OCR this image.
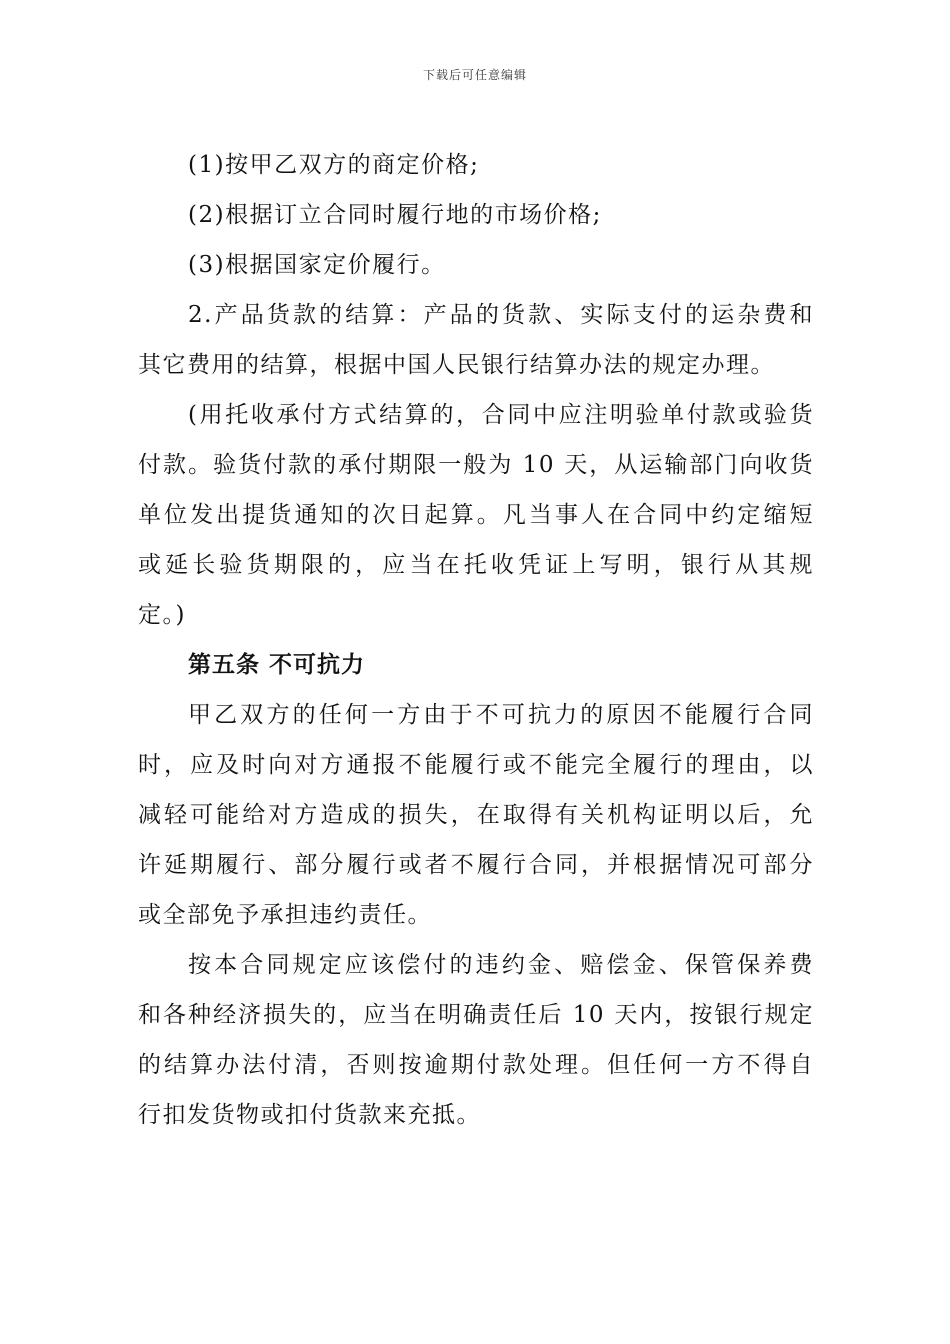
下载后可任意编辑
(1)按甲乙双方的商定价格;
(2)根据订立合同时履行地的市场价格;
(3)根据国家定价履行。
2.产品货款的结算：产品的货款、实际支付的运杂费和
其它费用的结算，根据中国人民银行结算办法的规定办理。
(用托收承付方式结算的，合同中应注明验单付款或验货
付款。验货付款的承付期限一般为 10 天，从运输部门向收货
单位发出提货通知的次日起算。凡当事人在合同中约定缩短
或延长验货期限的，应当在托收凭证上写明，银行从其规
定。)
第五条 不可抗力
甲乙双方的任何一方由于不可抗力的原因不能履行合同
时，应及时向对方通报不能履行或不能完全履行的理由，以
减轻可能给对方造成的损失，在取得有关机构证明以后，允
许延期履行、部分履行或者不履行合同，并根据情况可部分
或全部免予承担违约责任。
按本合同规定应该偿付的违约金、赔偿金、保管保养费
和各种经济损失的，应当在明确责任后 10 天内，按银行规定
的结算办法付清，否则按逾期付款处理。但任何一方不得自
行扣发货物或扣付货款来充抵。
